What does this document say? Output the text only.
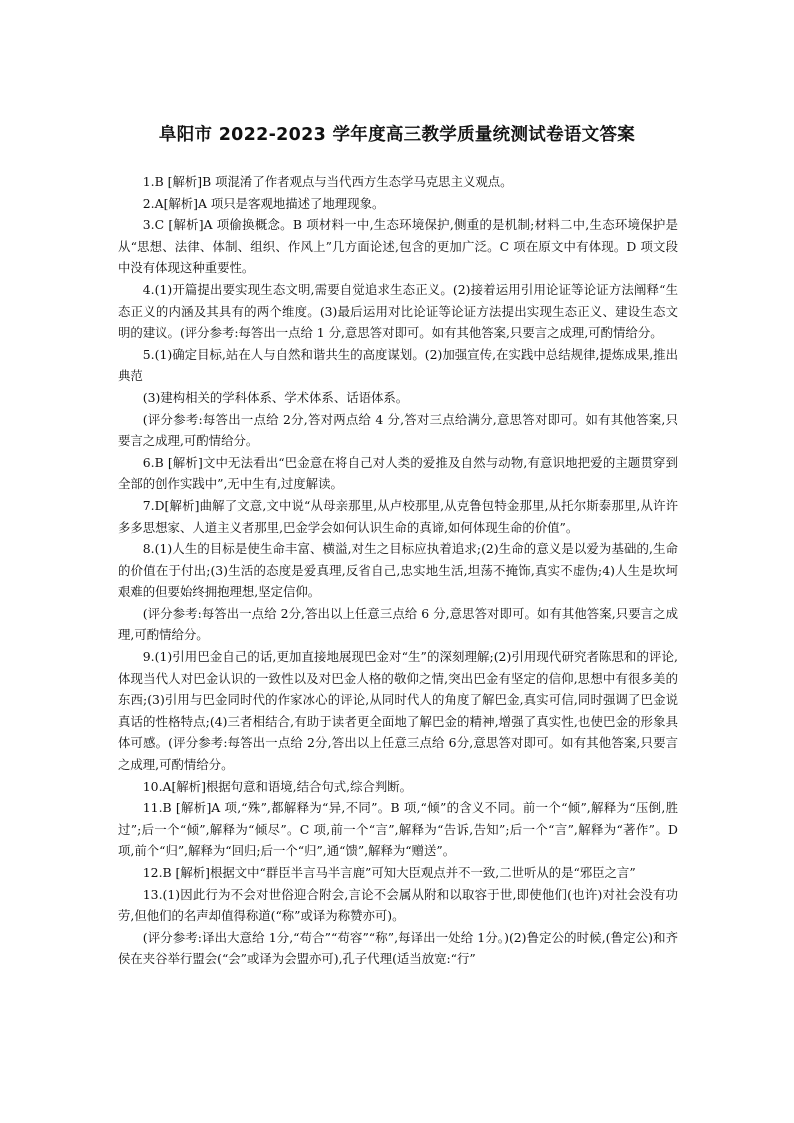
阜阳市 2022-2023 学年度高三教学质量统测试卷语文答案

1.B [解析]B 项混淆了作者观点与当代西方生态学马克思主义观点。

2.A[解析]A 项只是客观地描述了地理现象。

3.C [解析]A 项偷换概念。B 项材料一中,生态环境保护,侧重的是机制;材料二中,生态环境保护是从“思想、法律、体制、组织、作风上”几方面论述,包含的更加广泛。C 项在原文中有体现。D 项文段中没有体现这种重要性。

4.(1)开篇提出要实现生态文明,需要自觉追求生态正义。(2)接着运用引用论证等论证方法阐释“生态正义的内涵及其具有的两个维度。(3)最后运用对比论证等论证方法提出实现生态正义、建设生态文明的建议。(评分参考:每答出一点给 1 分,意思答对即可。如有其他答案,只要言之成理,可酌情给分。

5.(1)确定目标,站在人与自然和谐共生的高度谋划。(2)加强宣传,在实践中总结规律,提炼成果,推出典范

(3)建构相关的学科体系、学术体系、话语体系。

(评分参考:每答出一点给 2分,答对两点给 4 分,答对三点给满分,意思答对即可。如有其他答案,只要言之成理,可酌情给分。

6.B [解析]文中无法看出“巴金意在将自己对人类的爱推及自然与动物,有意识地把爱的主题贯穿到全部的创作实践中”,无中生有,过度解读。

7.D[解析]曲解了文意,文中说“从母亲那里,从卢校那里,从克鲁包特金那里,从托尔斯泰那里,从许许多多思想家、人道主义者那里,巴金学会如何认识生命的真谛,如何体现生命的价值”。

8.(1)人生的目标是使生命丰富、横溢,对生之目标应执着追求;(2)生命的意义是以爱为基础的,生命的价值在于付出;(3)生活的态度是爱真理,反省自己,忠实地生活,坦荡不掩饰,真实不虚伪;4)人生是坎坷艰难的但要始终拥抱理想,坚定信仰。

(评分参考:每答出一点给 2分,答出以上任意三点给 6 分,意思答对即可。如有其他答案,只要言之成理,可酌情给分。

9.(1)引用巴金自己的话,更加直接地展现巴金对“生”的深刻理解;(2)引用现代研究者陈思和的评论,体现当代人对巴金认识的一致性以及对巴金人格的敬仰之情,突出巴金有坚定的信仰,思想中有很多美的东西;(3)引用与巴金同时代的作家冰心的评论,从同时代人的角度了解巴金,真实可信,同时强调了巴金说真话的性格特点;(4)三者相结合,有助于读者更全面地了解巴金的精神,增强了真实性,也使巴金的形象具体可感。(评分参考:每答出一点给 2分,答出以上任意三点给 6分,意思答对即可。如有其他答案,只要言之成理,可酌情给分。

10.A[解析]根据句意和语境,结合句式,综合判断。

11.B [解析]A 项,“殊”,都解释为“异,不同”。B 项,“倾”的含义不同。前一个“倾”,解释为“压倒,胜过”;后一个“倾”,解释为“倾尽”。C 项,前一个“言”,解释为“告诉,告知”;后一个“言”,解释为“著作”。D 项,前个“归”,解释为“回归;后一个“归”,通“馈”,解释为“赠送”。

12.B [解析]根据文中“群臣半言马半言鹿”可知大臣观点并不一致,二世听从的是“邪臣之言”

13.(1)因此行为不会对世俗迎合附会,言论不会属从附和以取容于世,即使他们(也许)对社会没有功劳,但他们的名声却值得称道(“称”或译为称赞亦可)。

(评分参考:译出大意给 1分,“苟合”“苟容”“称”,每译出一处给 1分。)(2)鲁定公的时候,(鲁定公)和齐侯在夹谷举行盟会(“会”或译为会盟亦可),孔子代理(适当放宽:“行”
